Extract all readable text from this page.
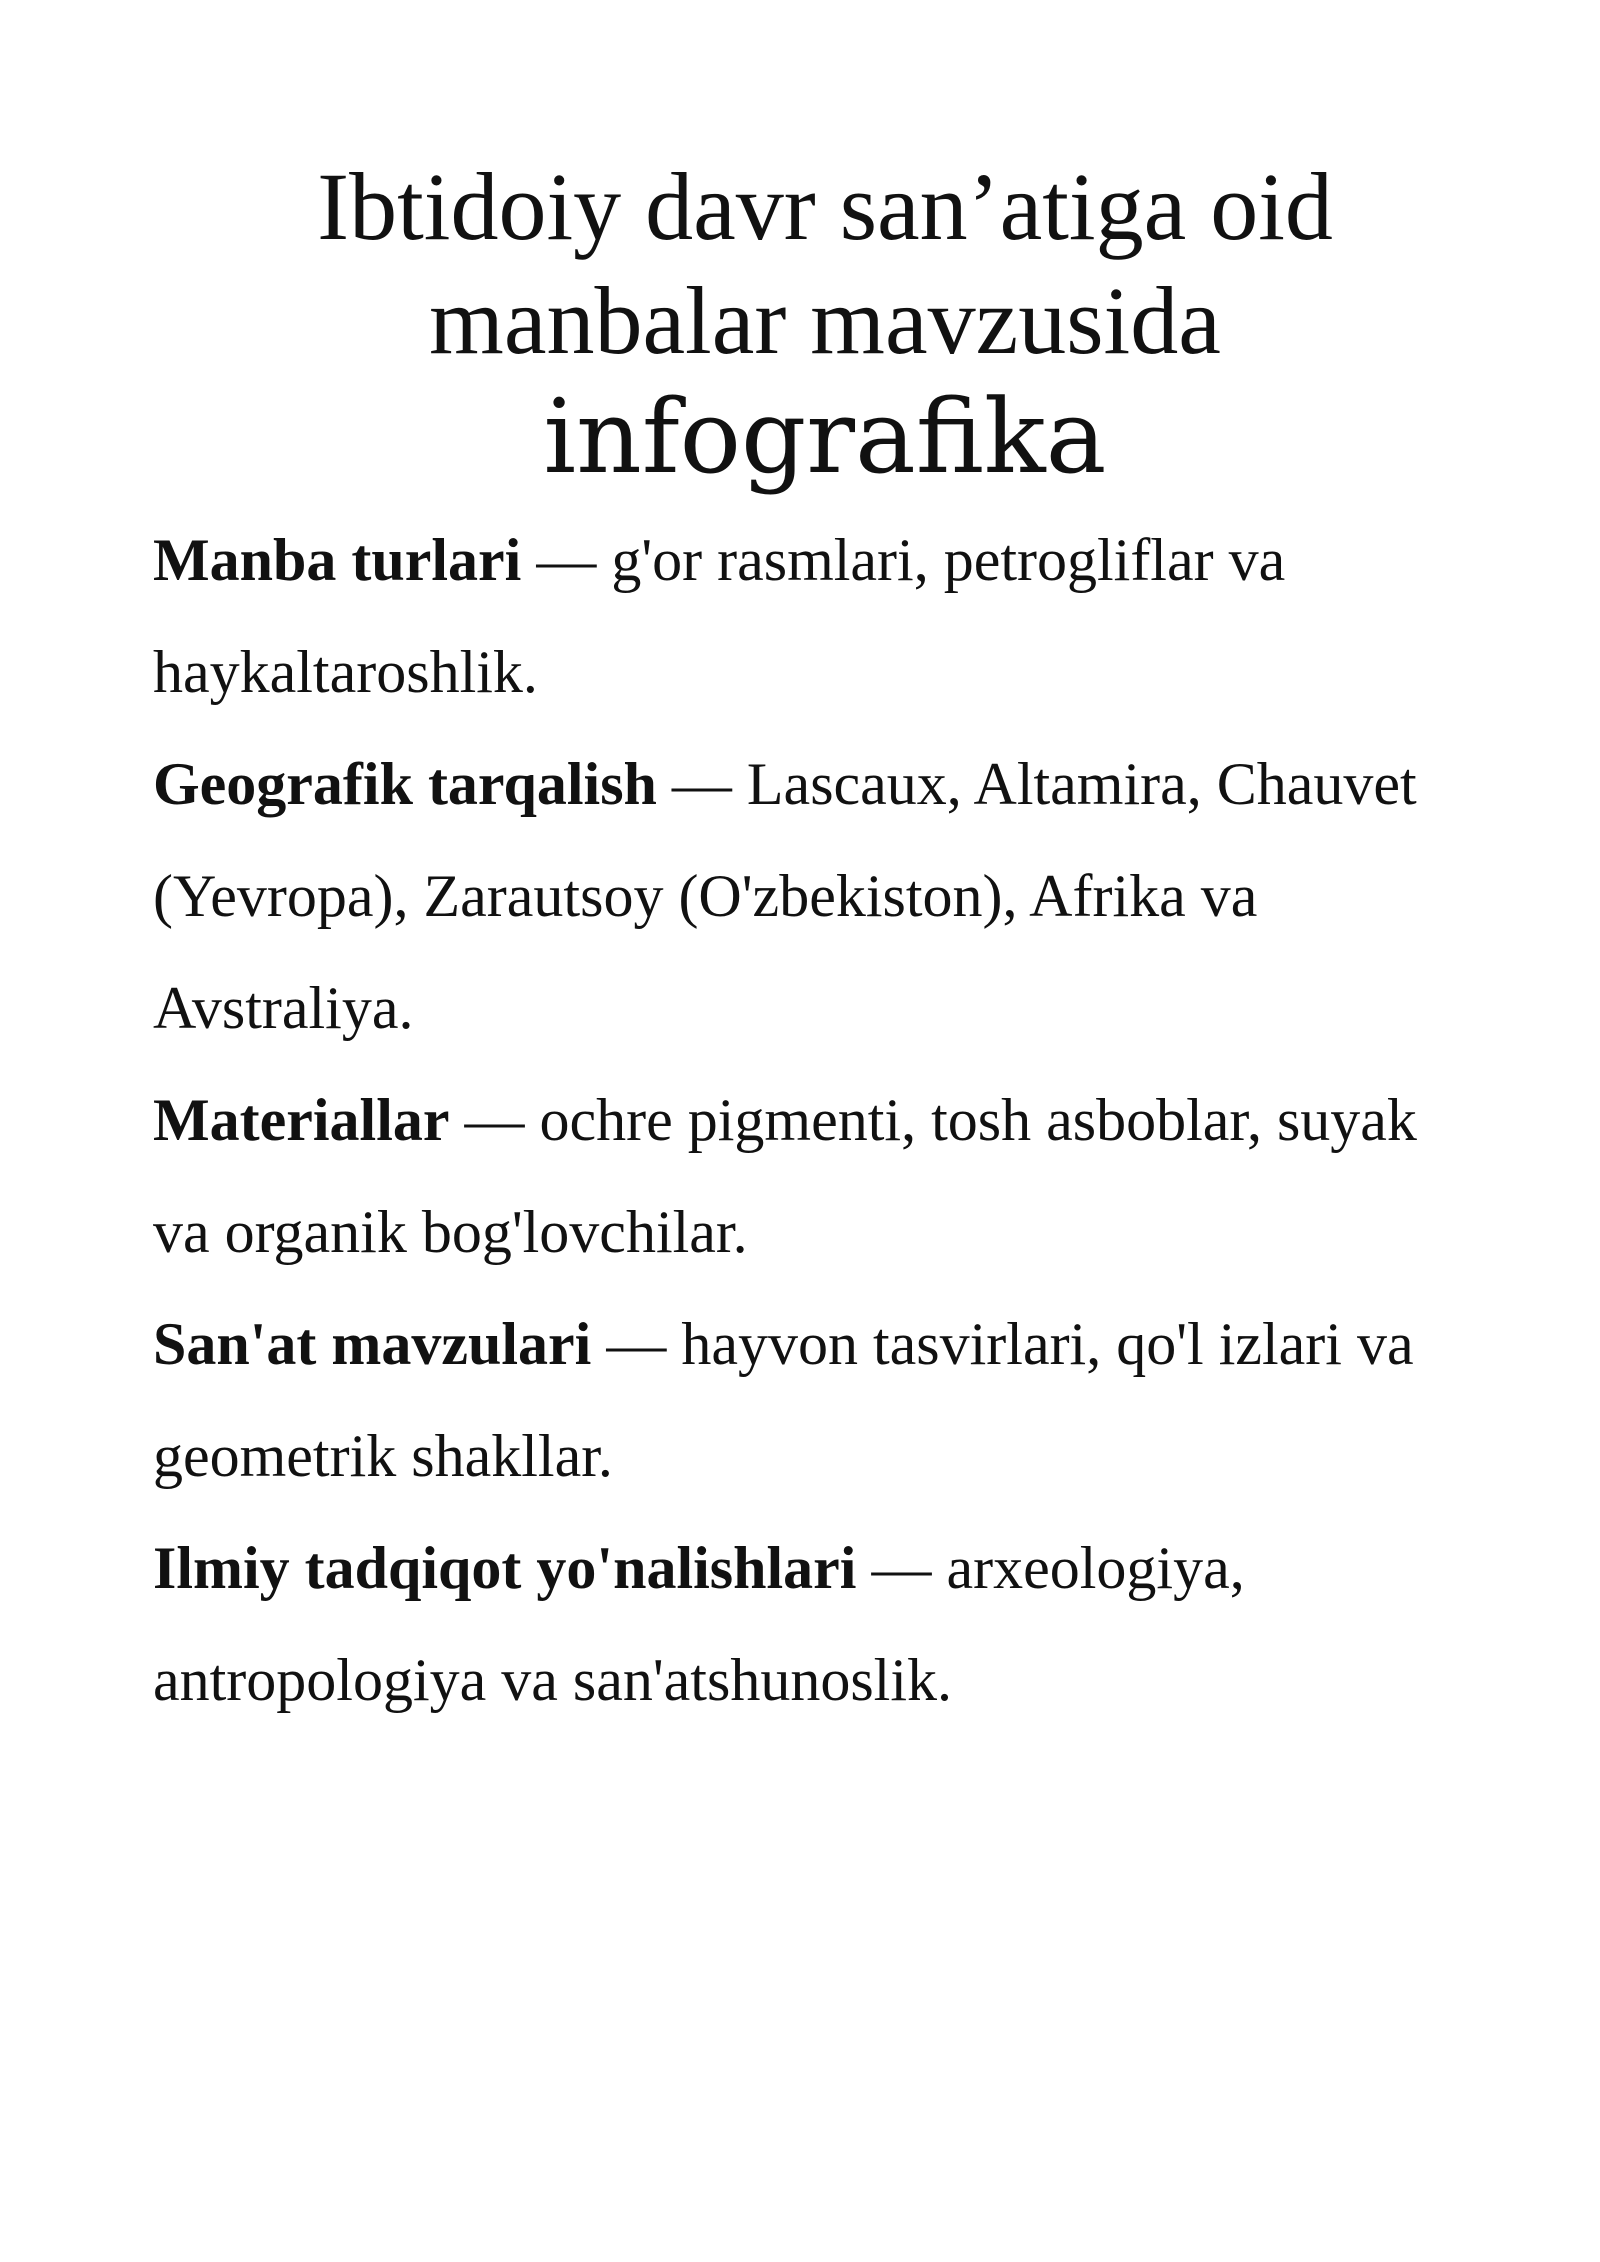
Ibtidoiy davr san’atiga oid
manbalar mavzusida
infografika

Manba turlari — g'or rasmlari, petrogliflar va haykaltaroshlik.

Geografik tarqalish — Lascaux, Altamira, Chauvet (Yevropa), Zarautsoy (O'zbekiston), Afrika va Avstraliya.

Materiallar — ochre pigmenti, tosh asboblar, suyak va organik bog'lovchilar.

San'at mavzulari — hayvon tasvirlari, qo'l izlari va geometrik shakllar.

Ilmiy tadqiqot yo'nalishlari — arxeologiya, antropologiya va san'atshunoslik.
